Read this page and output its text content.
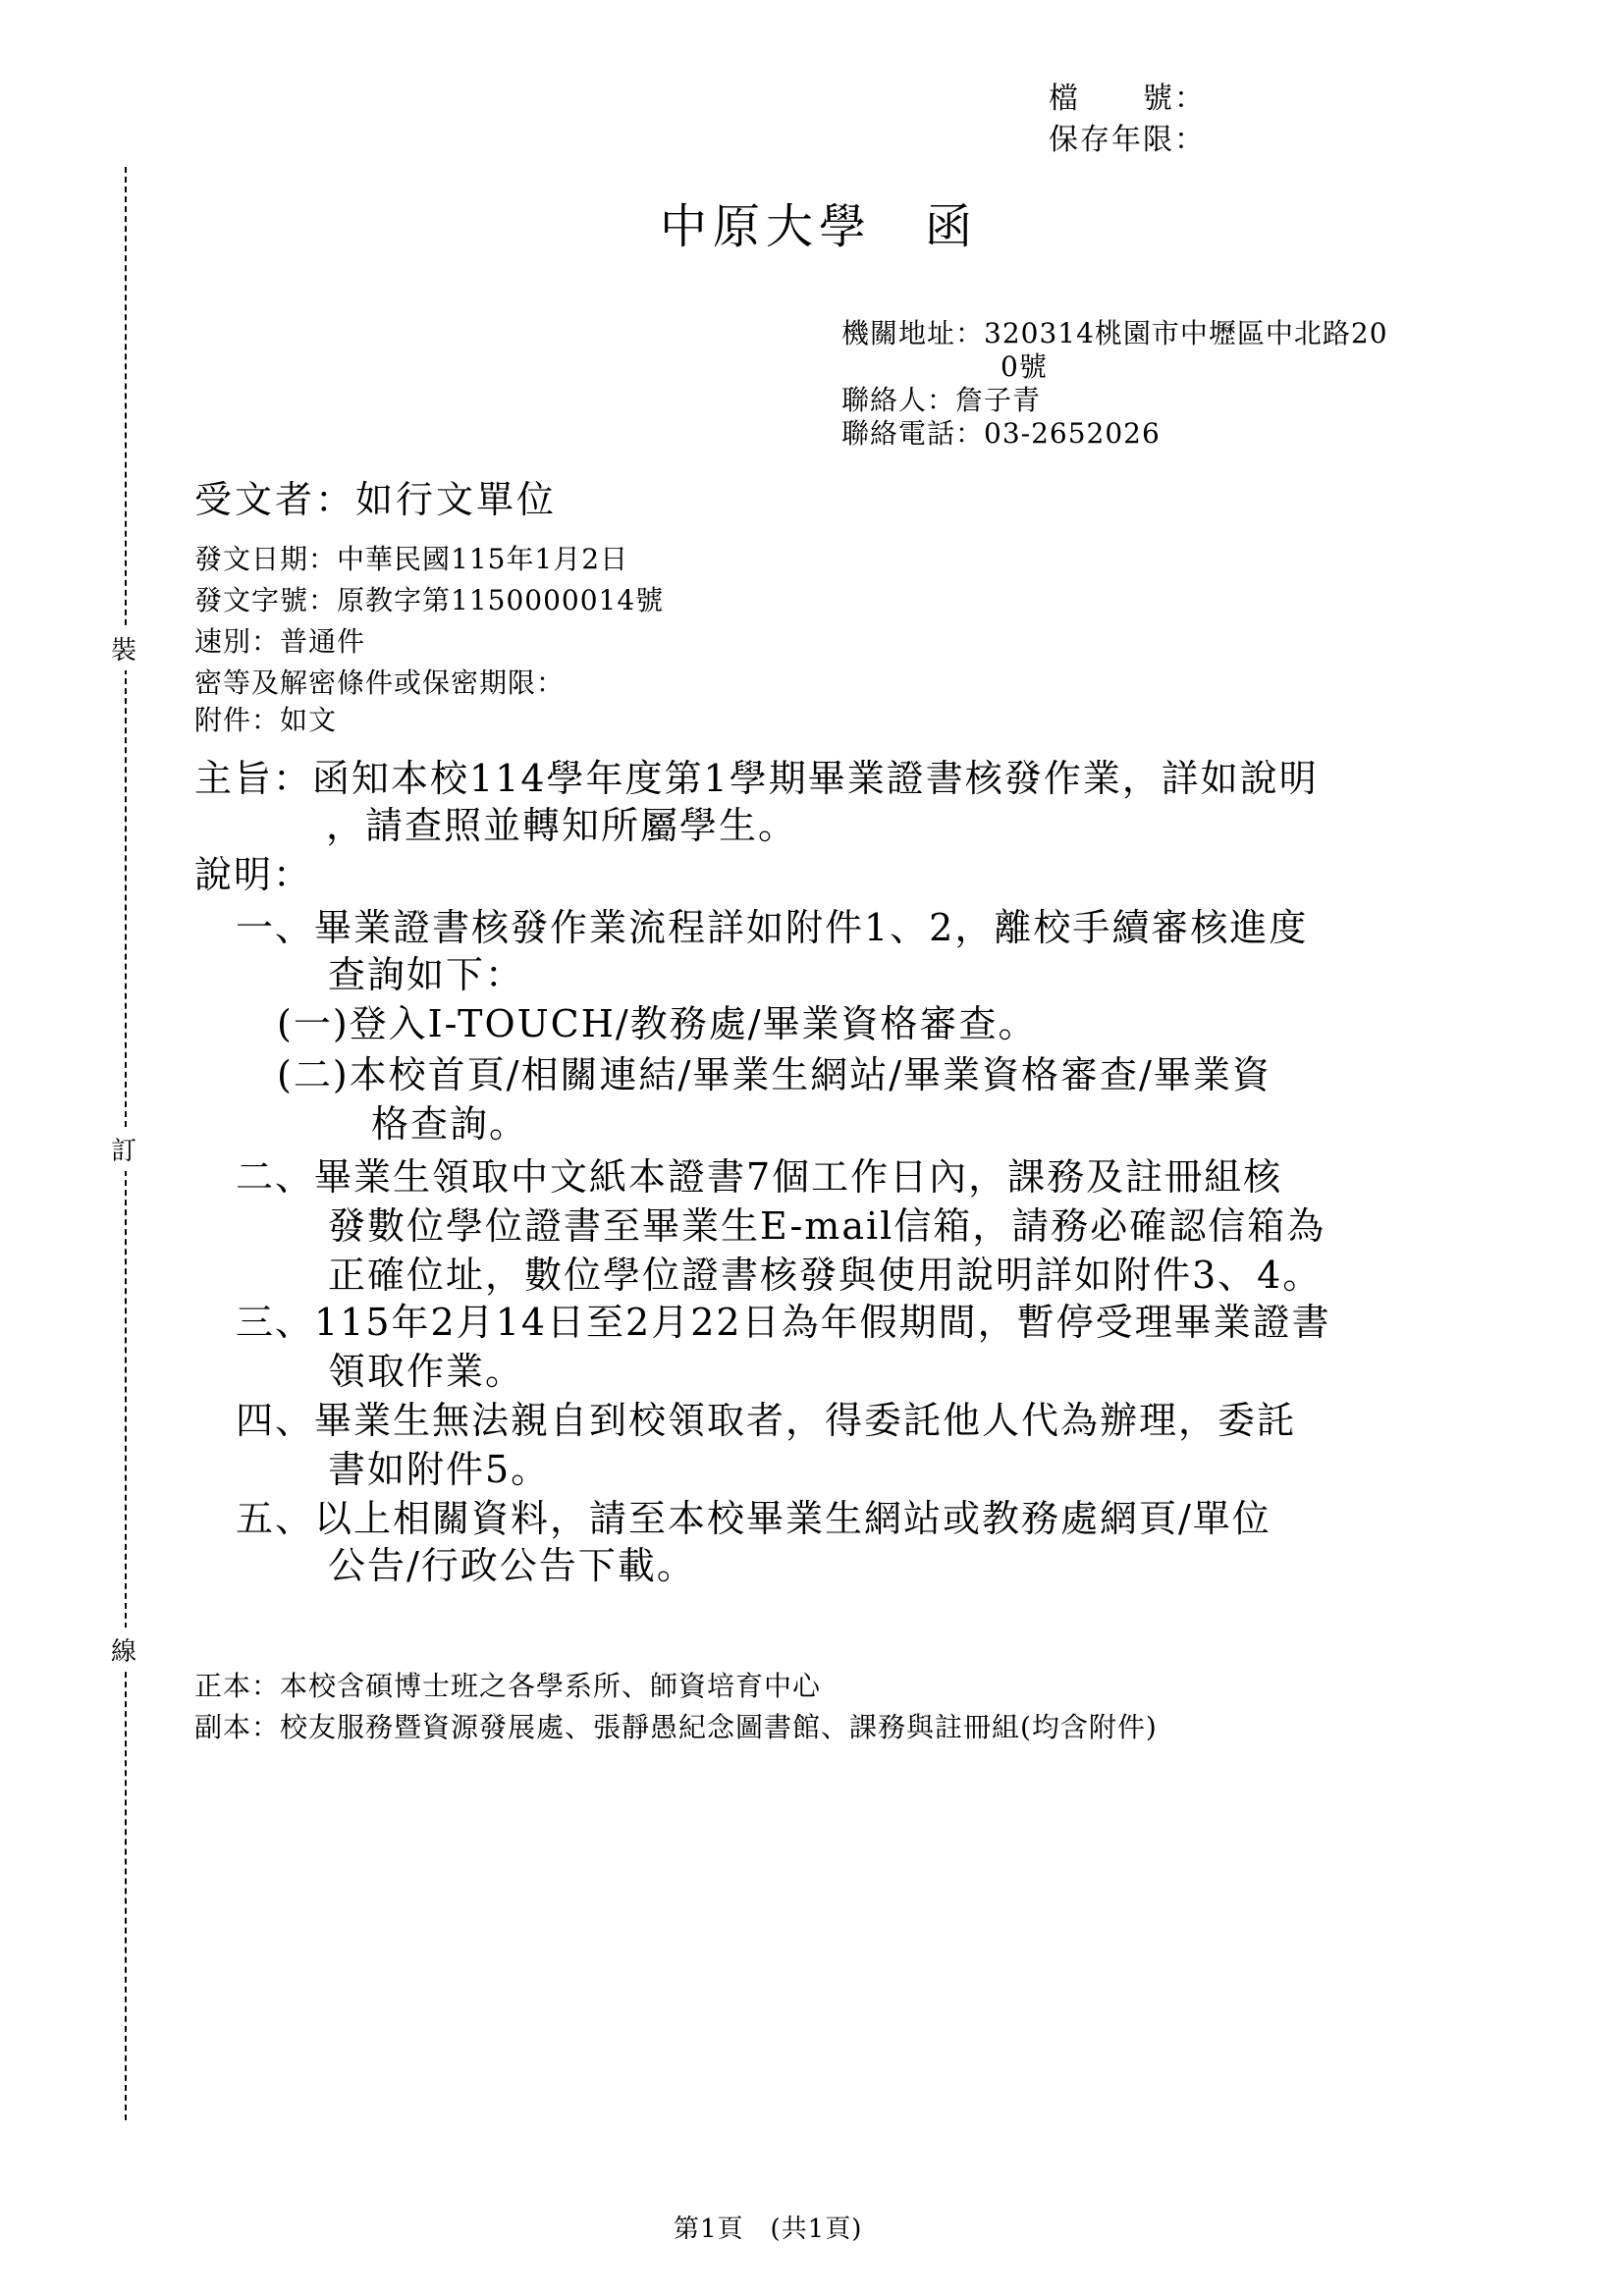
裝
訂
線
檔　　號：
保存年限：
中原大學　函
機關地址：320314桃園市中壢區中北路20
0號
聯絡人：詹子青
聯絡電話：03-2652026
受文者：如行文單位
發文日期：中華民國115年1月2日
發文字號：原教字第1150000014號
速別：普通件
密等及解密條件或保密期限：
附件：如文
主旨：函知本校114學年度第1學期畢業證書核發作業，詳如說明
，請查照並轉知所屬學生。
說明：
一、畢業證書核發作業流程詳如附件1、2，離校手續審核進度
查詢如下：
(一)登入I-TOUCH/教務處/畢業資格審查。
(二)本校首頁/相關連結/畢業生網站/畢業資格審查/畢業資
格查詢。
二、畢業生領取中文紙本證書7個工作日內，課務及註冊組核
發數位學位證書至畢業生E-mail信箱，請務必確認信箱為
正確位址，數位學位證書核發與使用說明詳如附件3、4。
三、115年2月14日至2月22日為年假期間，暫停受理畢業證書
領取作業。
四、畢業生無法親自到校領取者，得委託他人代為辦理，委託
書如附件5。
五、以上相關資料，請至本校畢業生網站或教務處網頁/單位
公告/行政公告下載。
正本：本校含碩博士班之各學系所、師資培育中心
副本：校友服務暨資源發展處、張靜愚紀念圖書館、課務與註冊組(均含附件)
第1頁　(共1頁)
